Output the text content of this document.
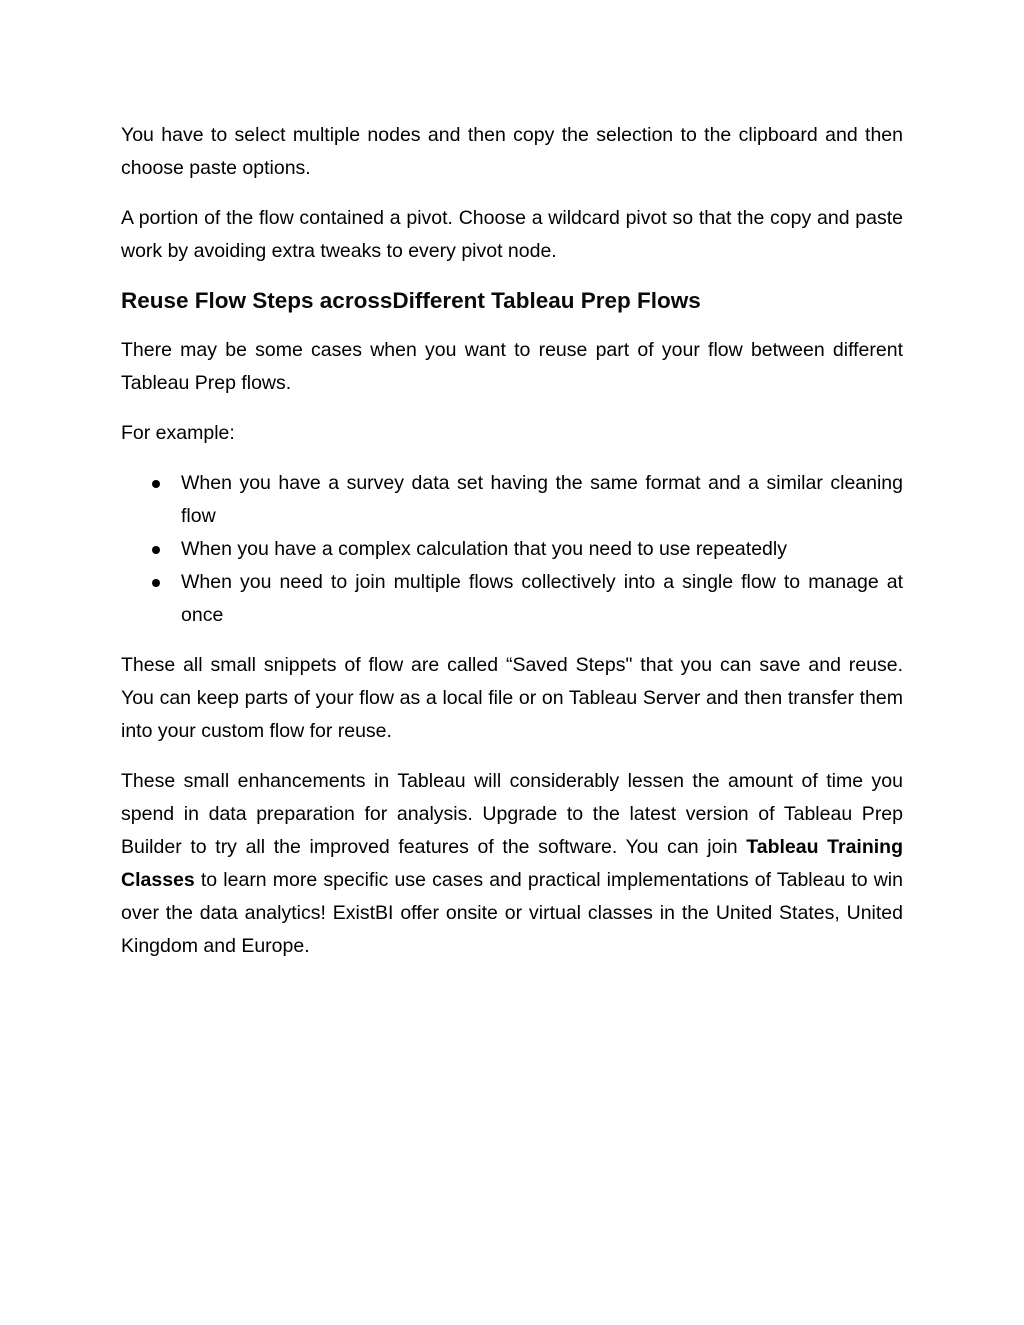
You have to select multiple nodes and then copy the selection to the clipboard and then choose paste options.

A portion of the flow contained a pivot. Choose a wildcard pivot so that the copy and paste work by avoiding extra tweaks to every pivot node.

Reuse Flow Steps acrossDifferent Tableau Prep Flows

There may be some cases when you want to reuse part of your flow between different Tableau Prep flows.

For example:

When you have a survey data set having the same format and a similar cleaning flow
When you have a complex calculation that you need to use repeatedly
When you need to join multiple flows collectively into a single flow to manage at once

These all small snippets of flow are called “Saved Steps" that you can save and reuse. You can keep parts of your flow as a local file or on Tableau Server and then transfer them into your custom flow for reuse.

These small enhancements in Tableau will considerably lessen the amount of time you spend in data preparation for analysis. Upgrade to the latest version of Tableau Prep Builder to try all the improved features of the software. You can join Tableau Training Classes to learn more specific use cases and practical implementations of Tableau to win over the data analytics! ExistBI offer onsite or virtual classes in the United States, United Kingdom and Europe.
